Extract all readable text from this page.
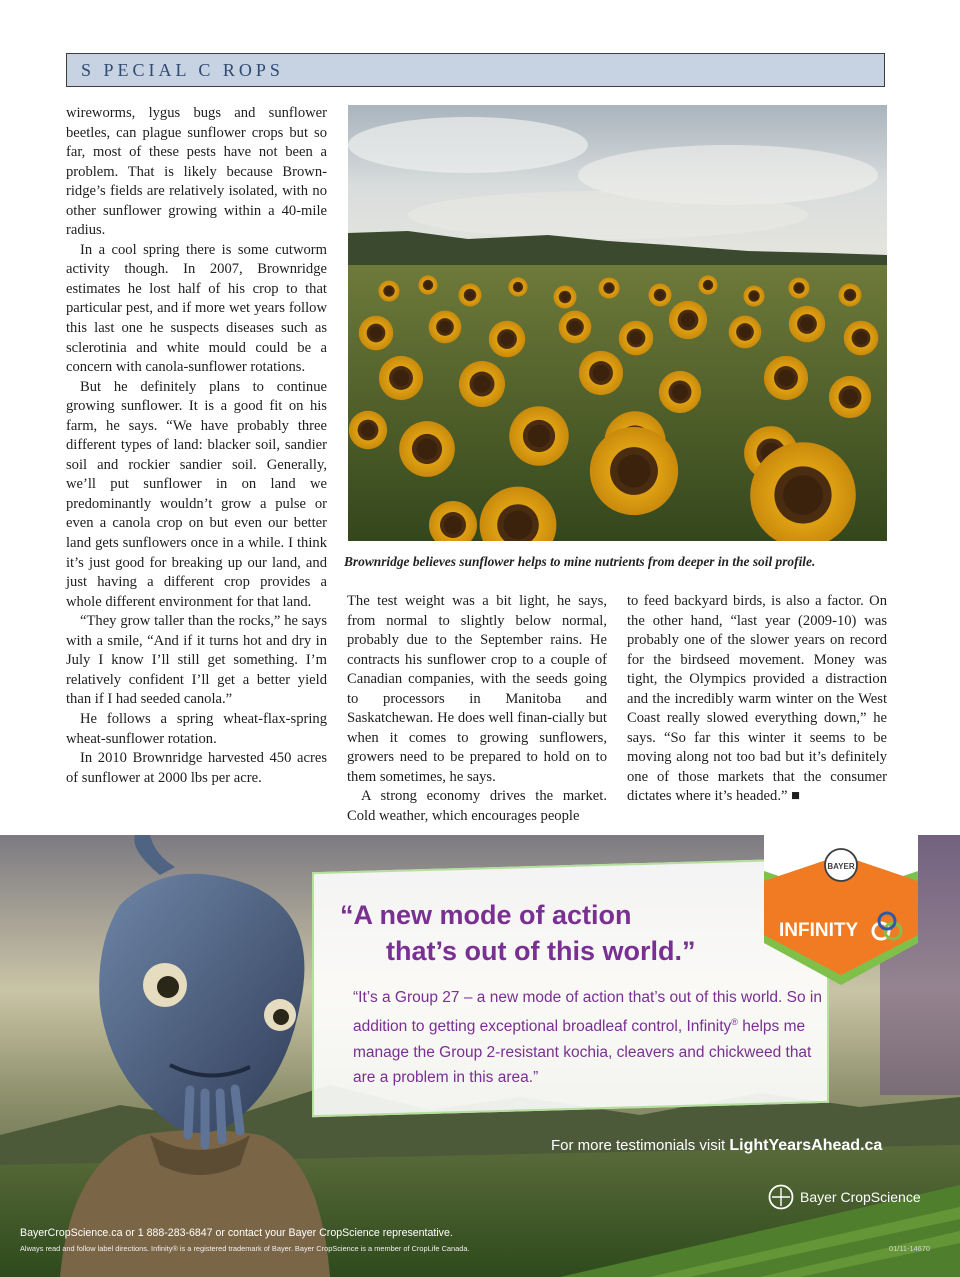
S PECIAL C ROPS

wireworms, lygus bugs and sunflower beetles, can plague sunflower crops but so far, most of these pests have not been a problem. That is likely because Brown-ridge’s fields are relatively isolated, with no other sunflower growing within a 40-mile radius.

In a cool spring there is some cutworm activity though. In 2007, Brownridge estimates he lost half of his crop to that particular pest, and if more wet years follow this last one he suspects diseases such as sclerotinia and white mould could be a concern with canola-sunflower rotations.

But he definitely plans to continue growing sunflower. It is a good fit on his farm, he says. “We have probably three different types of land: blacker soil, sandier soil and rockier sandier soil. Generally, we’ll put sunflower in on land we predominantly wouldn’t grow a pulse or even a canola crop on but even our better land gets sunflowers once in a while. I think it’s just good for breaking up our land, and just having a different crop provides a whole different environment for that land.

“They grow taller than the rocks,” he says with a smile, “And if it turns hot and dry in July I know I’ll still get something. I’m relatively confident I’ll get a better yield than if I had seeded canola.”

He follows a spring wheat-flax-spring wheat-sunflower rotation.

In 2010 Brownridge harvested 450 acres of sunflower at 2000 lbs per acre.

Brownridge believes sunflower helps to mine nutrients from deeper in the soil profile.

The test weight was a bit light, he says, from normal to slightly below normal, probably due to the September rains. He contracts his sunflower crop to a couple of Canadian companies, with the seeds going to processors in Manitoba and Saskatchewan. He does well finan-cially but when it comes to growing sunflowers, growers need to be prepared to hold on to them sometimes, he says.

A strong economy drives the market. Cold weather, which encourages people

to feed backyard birds, is also a factor. On the other hand, “last year (2009-10) was probably one of the slower years on record for the birdseed movement. Money was tight, the Olympics provided a distraction and the incredibly warm winter on the West Coast really slowed everything down,” he says. “So far this winter it seems to be moving along not too bad but it’s definitely one of those markets that the consumer dictates where it’s headed.” ■

“A new mode of action
that’s out of this world.”
“It’s a Group 27 – a new mode of action that’s out of this world. So in addition to getting exceptional broadleaf control, Infinity® helps me manage the Group 2-resistant kochia, cleavers and chickweed that are a problem in this area.”
BAYER
INFINITY
For more testimonials visit LightYearsAhead.ca
Bayer CropScience
BayerCropScience.ca or 1 888-283-6847 or contact your Bayer CropScience representative.
Always read and follow label directions. Infinity® is a registered trademark of Bayer. Bayer CropScience is a member of CropLife Canada.	01/11-14670
